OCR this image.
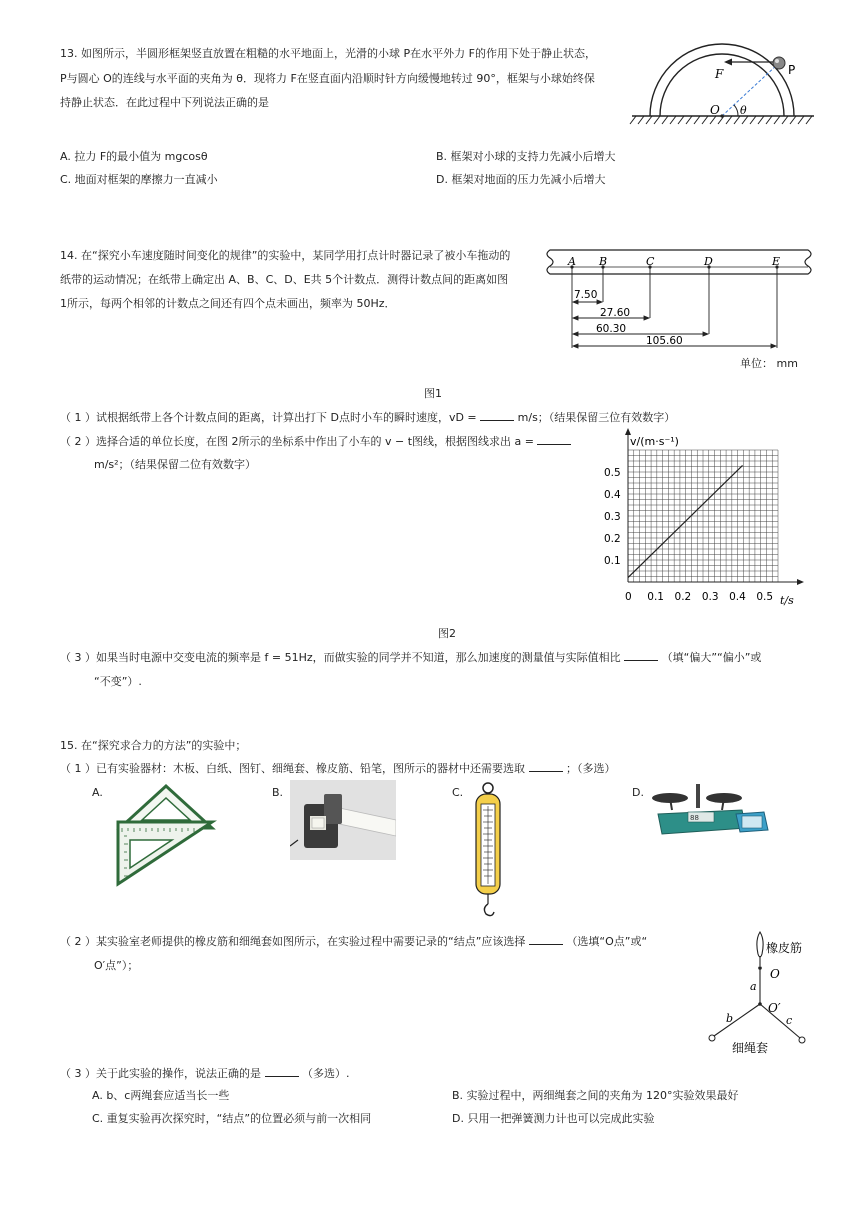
13. 如图所示，半圆形框架竖直放置在粗糙的水平地面上，光滑的小球 P在水平外力 F的作用下处于静止状态，
P与圆心 O的连线与水平面的夹角为 θ．现将力 F在竖直面内沿顺时针方向缓慢地转过 90°，框架与小球始终保
持静止状态．在此过程中下列说法正确的是
A. 拉力 F的最小值为 mgcosθ	B. 框架对小球的支持力先减小后增大
C. 地面对框架的摩擦力一直减小	D. 框架对地面的压力先减小后增大
F	P
O θ
14. 在“探究小车速度随时间变化的规律”的实验中，某同学用打点计时器记录了被小车拖动的
纸带的运动情况；在纸带上确定出 A、B、C、D、E共 5个计数点．测得计数点间的距离如图
1所示，每两个相邻的计数点之间还有四个点未画出，频率为 50Hz．
A B	C	D	E
7.50
27.60
60.30
105.60
单位： mm
图1
（ 1 ）试根据纸带上各个计数点间的距离，计算出打下 D点时小车的瞬时速度，vD =	m/s；（结果保留三位有效数字）
（ 2 ）选择合适的单位长度，在图 2所示的坐标系中作出了小车的 v − t图线，根据图线求出 a =
m/s²；（结果保留二位有效数字）
0 0.1 0.2 0.3 0.4 0.5
0.1
0.2
0.3
0.4
0.5
v/(m·s⁻¹)
t/s
图2
（ 3 ）如果当时电源中交变电流的频率是 f = 51Hz，而做实验的同学并不知道，那么加速度的测量值与实际值相比	（填“偏大”“偏小”或
“不变”）.
15. 在“探究求合力的方法”的实验中；
（ 1 ）已有实验器材：木板、白纸、图钉、细绳套、橡皮筋、铅笔，图所示的器材中还需要选取	；（多选）
A.	B.	C.	D.
88
（ 2 ）某实验室老师提供的橡皮筋和细绳套如图所示，在实验过程中需要记录的“结点”应该选择	（选填“O点”或“
O′点”）；
橡皮筋
O
O′
a
b	c
细绳套
（ 3 ）关于此实验的操作，说法正确的是	（多选）.
A. b、c两绳套应适当长一些	B. 实验过程中，两细绳套之间的夹角为 120°实验效果最好
C. 重复实验再次探究时，“结点”的位置必须与前一次相同	D. 只用一把弹簧测力计也可以完成此实验
